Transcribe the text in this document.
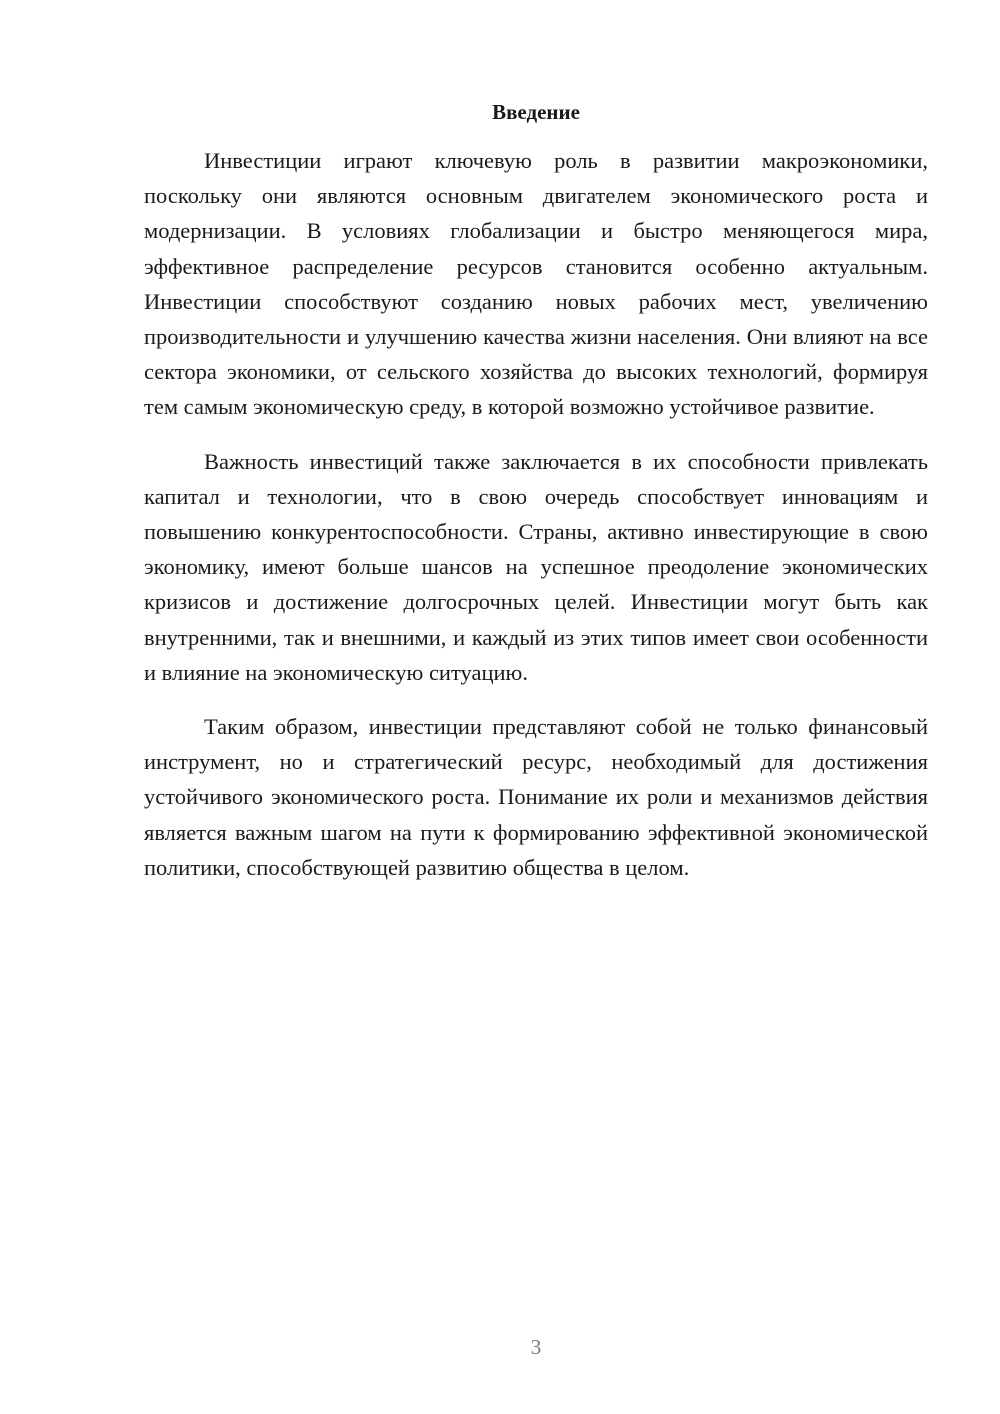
Введение

Инвестиции играют ключевую роль в развитии макроэкономики, поскольку они являются основным двигателем экономического роста и модернизации. В условиях глобализации и быстро меняющегося мира, эффективное распределение ресурсов становится особенно актуальным. Инвестиции способствуют созданию новых рабочих мест, увеличению производительности и улучшению качества жизни населения. Они влияют на все сектора экономики, от сельского хозяйства до высоких технологий, формируя тем самым экономическую среду, в которой возможно устойчивое развитие.

Важность инвестиций также заключается в их способности привлекать капитал и технологии, что в свою очередь способствует инновациям и повышению конкурентоспособности. Страны, активно инвестирующие в свою экономику, имеют больше шансов на успешное преодоление экономических кризисов и достижение долгосрочных целей. Инвестиции могут быть как внутренними, так и внешними, и каждый из этих типов имеет свои особенности и влияние на экономическую ситуацию.

Таким образом, инвестиции представляют собой не только финансовый инструмент, но и стратегический ресурс, необходимый для достижения устойчивого экономического роста. Понимание их роли и механизмов действия является важным шагом на пути к формированию эффективной экономической политики, способствующей развитию общества в целом.

3
